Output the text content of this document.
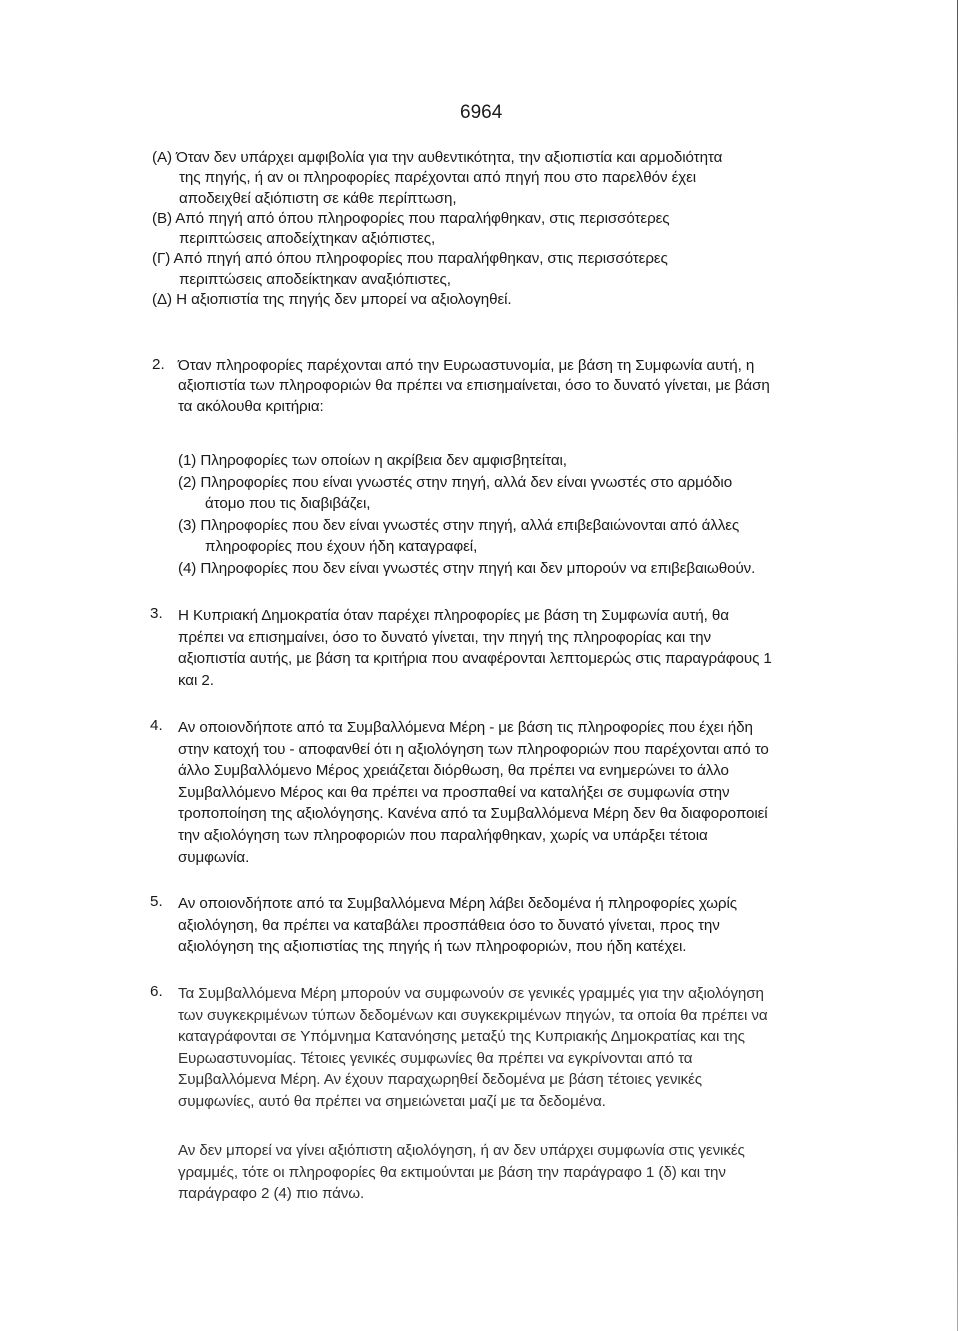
6964
(Α) Όταν δεν υπάρχει αμφιβολία για την αυθεντικότητα, την αξιοπιστία και αρμοδιότητα
της πηγής, ή αν οι πληροφορίες παρέχονται από πηγή που στο παρελθόν έχει
αποδειχθεί αξιόπιστη σε κάθε περίπτωση,
(Β) Από πηγή από όπου πληροφορίες που παραλήφθηκαν, στις περισσότερες
περιπτώσεις αποδείχτηκαν αξιόπιστες,
(Γ) Από πηγή από όπου πληροφορίες που παραλήφθηκαν, στις περισσότερες
περιπτώσεις αποδείκτηκαν αναξιόπιστες,
(Δ) Η αξιοπιστία της πηγής δεν μπορεί να αξιολογηθεί.
2. Όταν πληροφορίες παρέχονται από την Ευρωαστυνομία, με βάση τη Συμφωνία αυτή, η
αξιοπιστία των πληροφοριών θα πρέπει να επισημαίνεται, όσο το δυνατό γίνεται, με βάση
τα ακόλουθα κριτήρια:
(1) Πληροφορίες των οποίων η ακρίβεια δεν αμφισβητείται,
(2) Πληροφορίες που είναι γνωστές στην πηγή, αλλά δεν είναι γνωστές στο αρμόδιο
άτομο που τις διαβιβάζει,
(3) Πληροφορίες που δεν είναι γνωστές στην πηγή, αλλά επιβεβαιώνονται από άλλες
πληροφορίες που έχουν ήδη καταγραφεί,
(4) Πληροφορίες που δεν είναι γνωστές στην πηγή και δεν μπορούν να επιβεβαιωθούν.
3. Η Κυπριακή Δημοκρατία όταν παρέχει πληροφορίες με βάση τη Συμφωνία αυτή, θα
πρέπει να επισημαίνει, όσο το δυνατό γίνεται, την πηγή της πληροφορίας και την
αξιοπιστία αυτής, με βάση τα κριτήρια που αναφέρονται λεπτομερώς στις παραγράφους 1
και 2.
4. Αν οποιονδήποτε από τα Συμβαλλόμενα Μέρη - με βάση τις πληροφορίες που έχει ήδη
στην κατοχή του - αποφανθεί ότι η αξιολόγηση των πληροφοριών που παρέχονται από το
άλλο Συμβαλλόμενο Μέρος χρειάζεται διόρθωση, θα πρέπει να ενημερώνει το άλλο
Συμβαλλόμενο Μέρος και θα πρέπει να προσπαθεί να καταλήξει σε συμφωνία στην
τροποποίηση της αξιολόγησης. Κανένα από τα Συμβαλλόμενα Μέρη δεν θα διαφοροποιεί
την αξιολόγηση των πληροφοριών που παραλήφθηκαν, χωρίς να υπάρξει τέτοια
συμφωνία.
5. Αν οποιονδήποτε από τα Συμβαλλόμενα Μέρη λάβει δεδομένα ή πληροφορίες χωρίς
αξιολόγηση, θα πρέπει να καταβάλει προσπάθεια όσο το δυνατό γίνεται, προς την
αξιολόγηση της αξιοπιστίας της πηγής ή των πληροφοριών, που ήδη κατέχει.
6. Τα Συμβαλλόμενα Μέρη μπορούν να συμφωνούν σε γενικές γραμμές για την αξιολόγηση
των συγκεκριμένων τύπων δεδομένων και συγκεκριμένων πηγών, τα οποία θα πρέπει να
καταγράφονται σε Υπόμνημα Κατανόησης μεταξύ της Κυπριακής Δημοκρατίας και της
Ευρωαστυνομίας. Τέτοιες γενικές συμφωνίες θα πρέπει να εγκρίνονται από τα
Συμβαλλόμενα Μέρη. Αν έχουν παραχωρηθεί δεδομένα με βάση τέτοιες γενικές
συμφωνίες, αυτό θα πρέπει να σημειώνεται μαζί με τα δεδομένα.
Αν δεν μπορεί να γίνει αξιόπιστη αξιολόγηση, ή αν δεν υπάρχει συμφωνία στις γενικές
γραμμές, τότε οι πληροφορίες θα εκτιμούνται με βάση την παράγραφο 1 (δ) και την
παράγραφο 2 (4) πιο πάνω.
